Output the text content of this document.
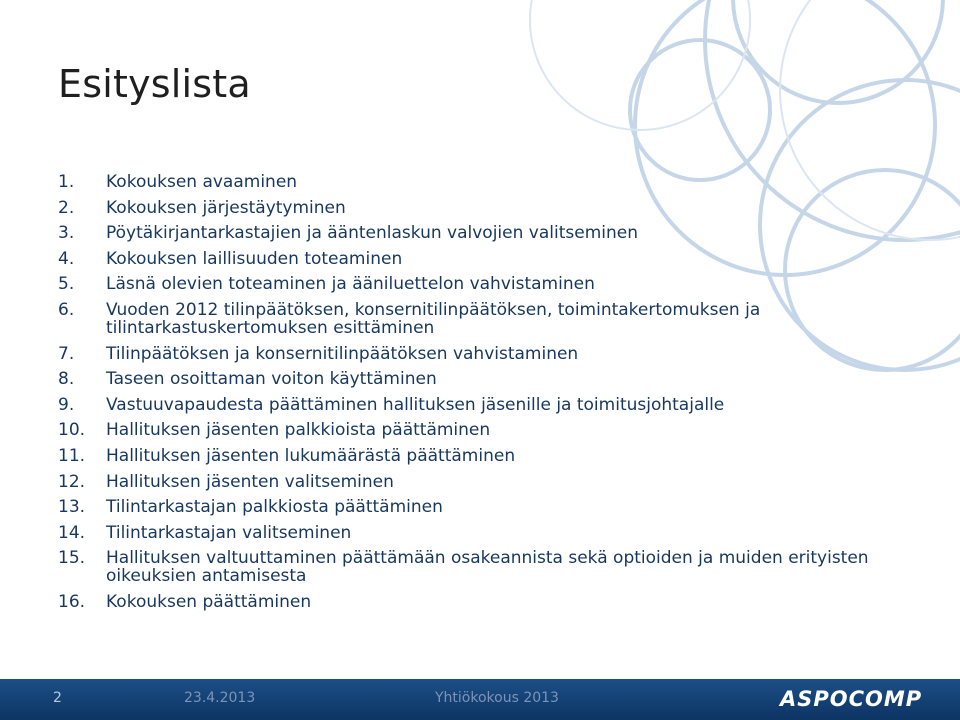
Esityslista
1.	Kokouksen avaaminen
2.	Kokouksen järjestäytyminen
3.	Pöytäkirjantarkastajien ja ääntenlaskun valvojien valitseminen
4.	Kokouksen laillisuuden toteaminen
5.	Läsnä olevien toteaminen ja ääniluettelon vahvistaminen
6.	Vuoden 2012 tilinpäätöksen, konsernitilinpäätöksen, toimintakertomuksen ja tilintarkastuskertomuksen esittäminen
7.	Tilinpäätöksen ja konsernitilinpäätöksen vahvistaminen
8.	Taseen osoittaman voiton käyttäminen
9.	Vastuuvapaudesta päättäminen hallituksen jäsenille ja toimitusjohtajalle
10.	Hallituksen jäsenten palkkioista päättäminen
11.	Hallituksen jäsenten lukumäärästä päättäminen
12.	Hallituksen jäsenten valitseminen
13.	Tilintarkastajan palkkiosta päättäminen
14.	Tilintarkastajan valitseminen
15.	Hallituksen valtuuttaminen päättämään osakeannista sekä optioiden ja muiden erityisten oikeuksien antamisesta
16.	Kokouksen päättäminen
2	23.4.2013	Yhtiökokous 2013	ASPOCOMP
